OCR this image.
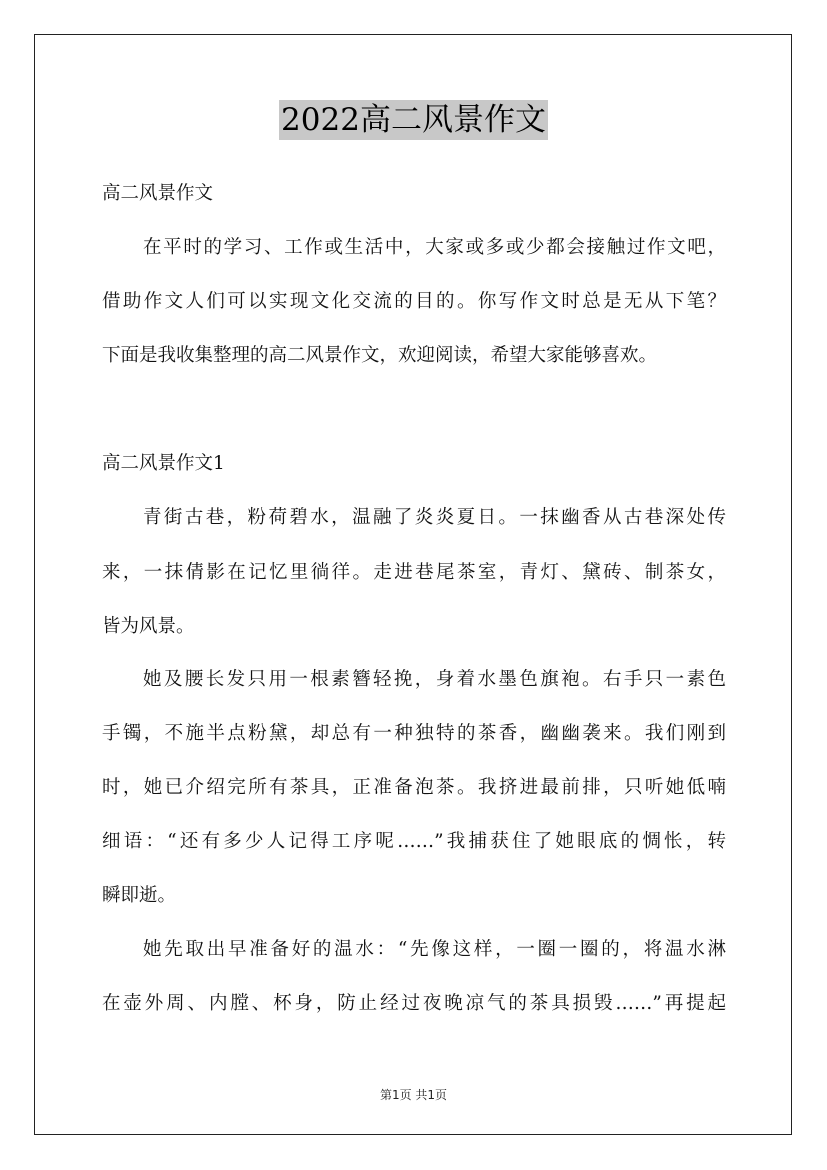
2022高二风景作文
高二风景作文
在平时的学习、工作或生活中，大家或多或少都会接触过作文吧，
借助作文人们可以实现文化交流的目的。你写作文时总是无从下笔？
下面是我收集整理的高二风景作文，欢迎阅读，希望大家能够喜欢。
高二风景作文1
青街古巷，粉荷碧水，温融了炎炎夏日。一抹幽香从古巷深处传
来，一抹倩影在记忆里徜徉。走进巷尾茶室，青灯、黛砖、制茶女，
皆为风景。
她及腰长发只用一根素簪轻挽，身着水墨色旗袍。右手只一素色
手镯，不施半点粉黛，却总有一种独特的茶香，幽幽袭来。我们刚到
时，她已介绍完所有茶具，正准备泡茶。我挤进最前排，只听她低喃
细语：“还有多少人记得工序呢……”我捕获住了她眼底的惆怅，转
瞬即逝。
她先取出早准备好的温水：“先像这样，一圈一圈的，将温水淋
在壶外周、内膛、杯身，防止经过夜晚凉气的茶具损毁……”再提起
第1页 共1页
